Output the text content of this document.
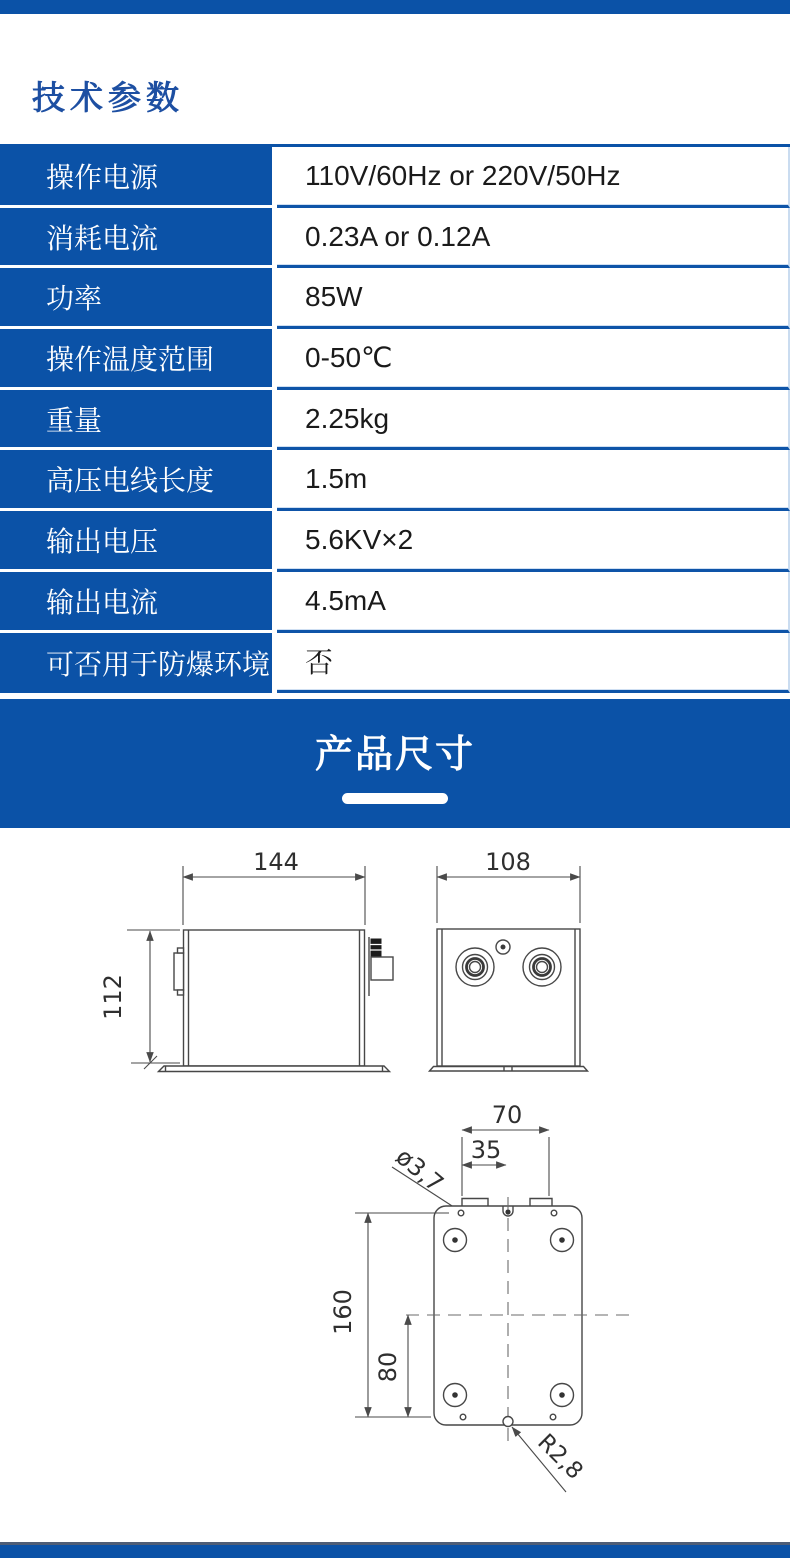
技术参数
操作电源	110V/60Hz or 220V/50Hz
消耗电流	0.23A or 0.12A
功率	85W
操作温度范围	0-50℃
重量	2.25kg
高压电线长度	1.5m
输出电压	5.6KV×2
输出电流	4.5mA
可否用于防爆环境	否
产品尺寸
144
112
108
70
35
ø3,7
160
80
R2,8
